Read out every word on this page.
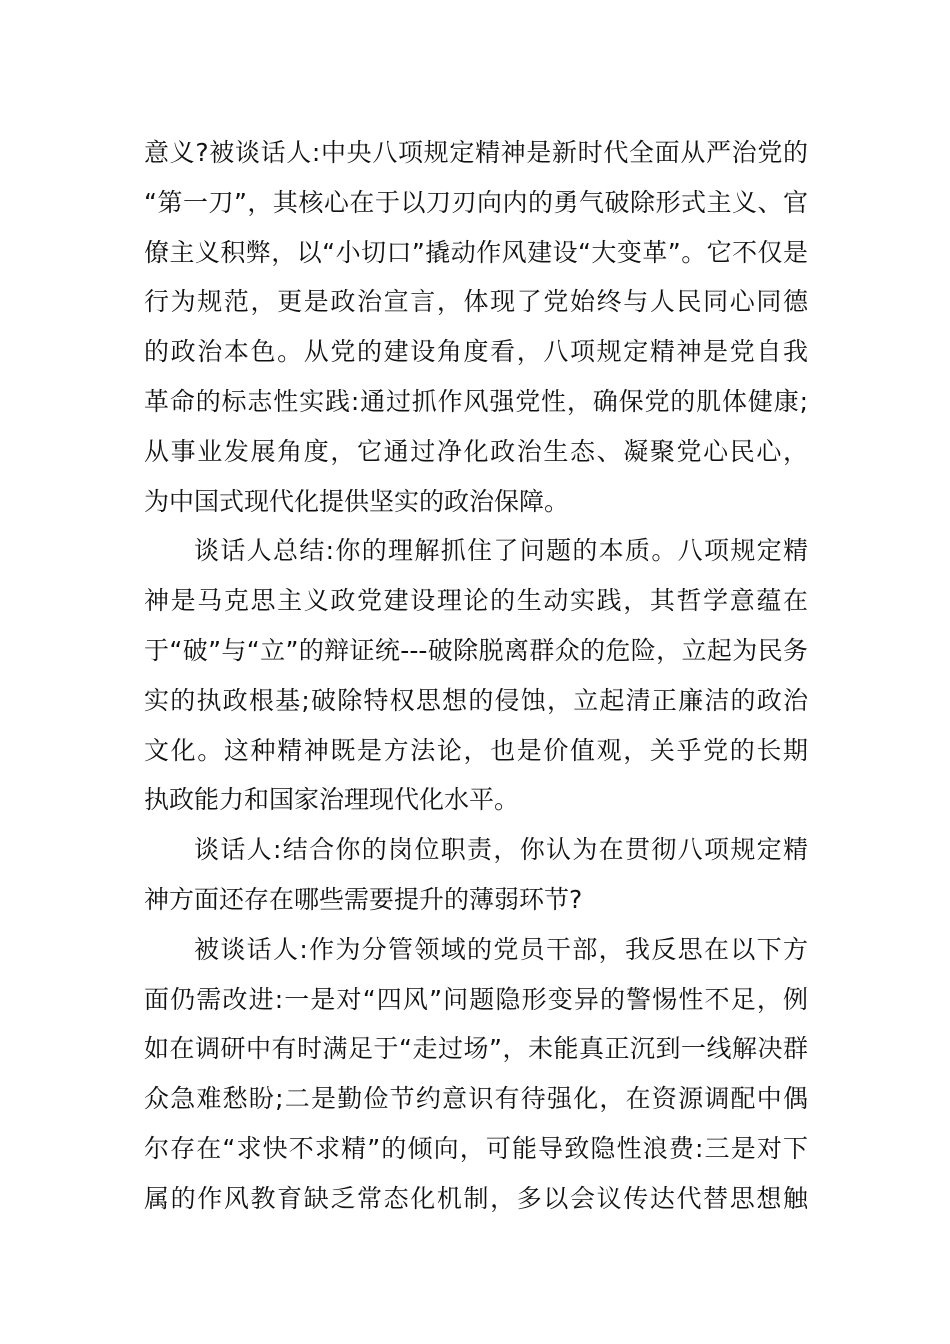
意义?被谈话人:中央八项规定精神是新时代全面从严治党的
“第一刀”，其核心在于以刀刃向内的勇气破除形式主义、官
僚主义积弊，以“小切口”撬动作风建设“大变革”。它不仅是
行为规范，更是政治宣言，体现了党始终与人民同心同德
的政治本色。从党的建设角度看，八项规定精神是党自我
革命的标志性实践:通过抓作风强党性，确保党的肌体健康;
从事业发展角度，它通过净化政治生态、凝聚党心民心，
为中国式现代化提供坚实的政治保障。
谈话人总结:你的理解抓住了问题的本质。八项规定精
神是马克思主义政党建设理论的生动实践，其哲学意蕴在
于“破”与“立”的辩证统---破除脱离群众的危险，立起为民务
实的执政根基;破除特权思想的侵蚀，立起清正廉洁的政治
文化。这种精神既是方法论，也是价值观，关乎党的长期
执政能力和国家治理现代化水平。
谈话人:结合你的岗位职责，你认为在贯彻八项规定精
神方面还存在哪些需要提升的薄弱环节?
被谈话人:作为分管领域的党员干部，我反思在以下方
面仍需改进:一是对“四风”问题隐形变异的警惕性不足，例
如在调研中有时满足于“走过场”，未能真正沉到一线解决群
众急难愁盼;二是勤俭节约意识有待强化，在资源调配中偶
尔存在“求快不求精”的倾向，可能导致隐性浪费:三是对下
属的作风教育缺乏常态化机制，多以会议传达代替思想触
